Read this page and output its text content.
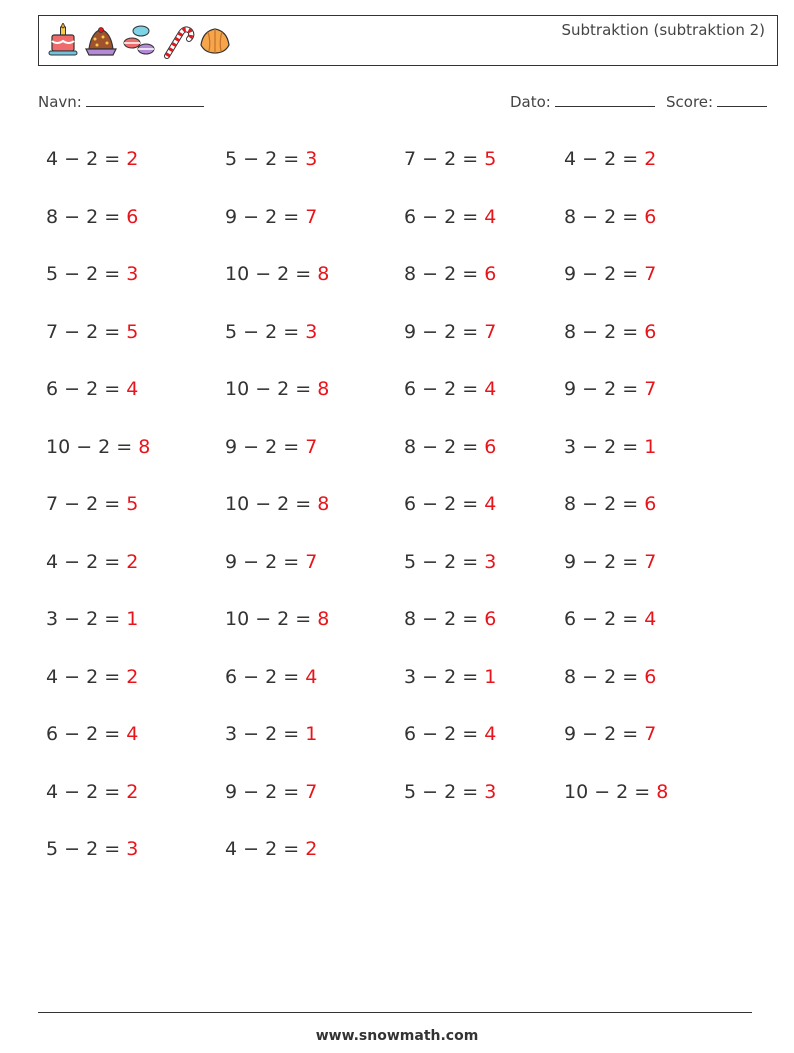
Subtraktion (subtraktion 2)
Navn:	Dato:	Score:
4 − 2 = 2
8 − 2 = 6
5 − 2 = 3
7 − 2 = 5
6 − 2 = 4
10 − 2 = 8
7 − 2 = 5
4 − 2 = 2
3 − 2 = 1
4 − 2 = 2
6 − 2 = 4
4 − 2 = 2
5 − 2 = 3
5 − 2 = 3
9 − 2 = 7
10 − 2 = 8
5 − 2 = 3
10 − 2 = 8
9 − 2 = 7
10 − 2 = 8
9 − 2 = 7
10 − 2 = 8
6 − 2 = 4
3 − 2 = 1
9 − 2 = 7
4 − 2 = 2
7 − 2 = 5
6 − 2 = 4
8 − 2 = 6
9 − 2 = 7
6 − 2 = 4
8 − 2 = 6
6 − 2 = 4
5 − 2 = 3
8 − 2 = 6
3 − 2 = 1
6 − 2 = 4
5 − 2 = 3
4 − 2 = 2
8 − 2 = 6
9 − 2 = 7
8 − 2 = 6
9 − 2 = 7
3 − 2 = 1
8 − 2 = 6
9 − 2 = 7
6 − 2 = 4
8 − 2 = 6
9 − 2 = 7
10 − 2 = 8
www.snowmath.com
